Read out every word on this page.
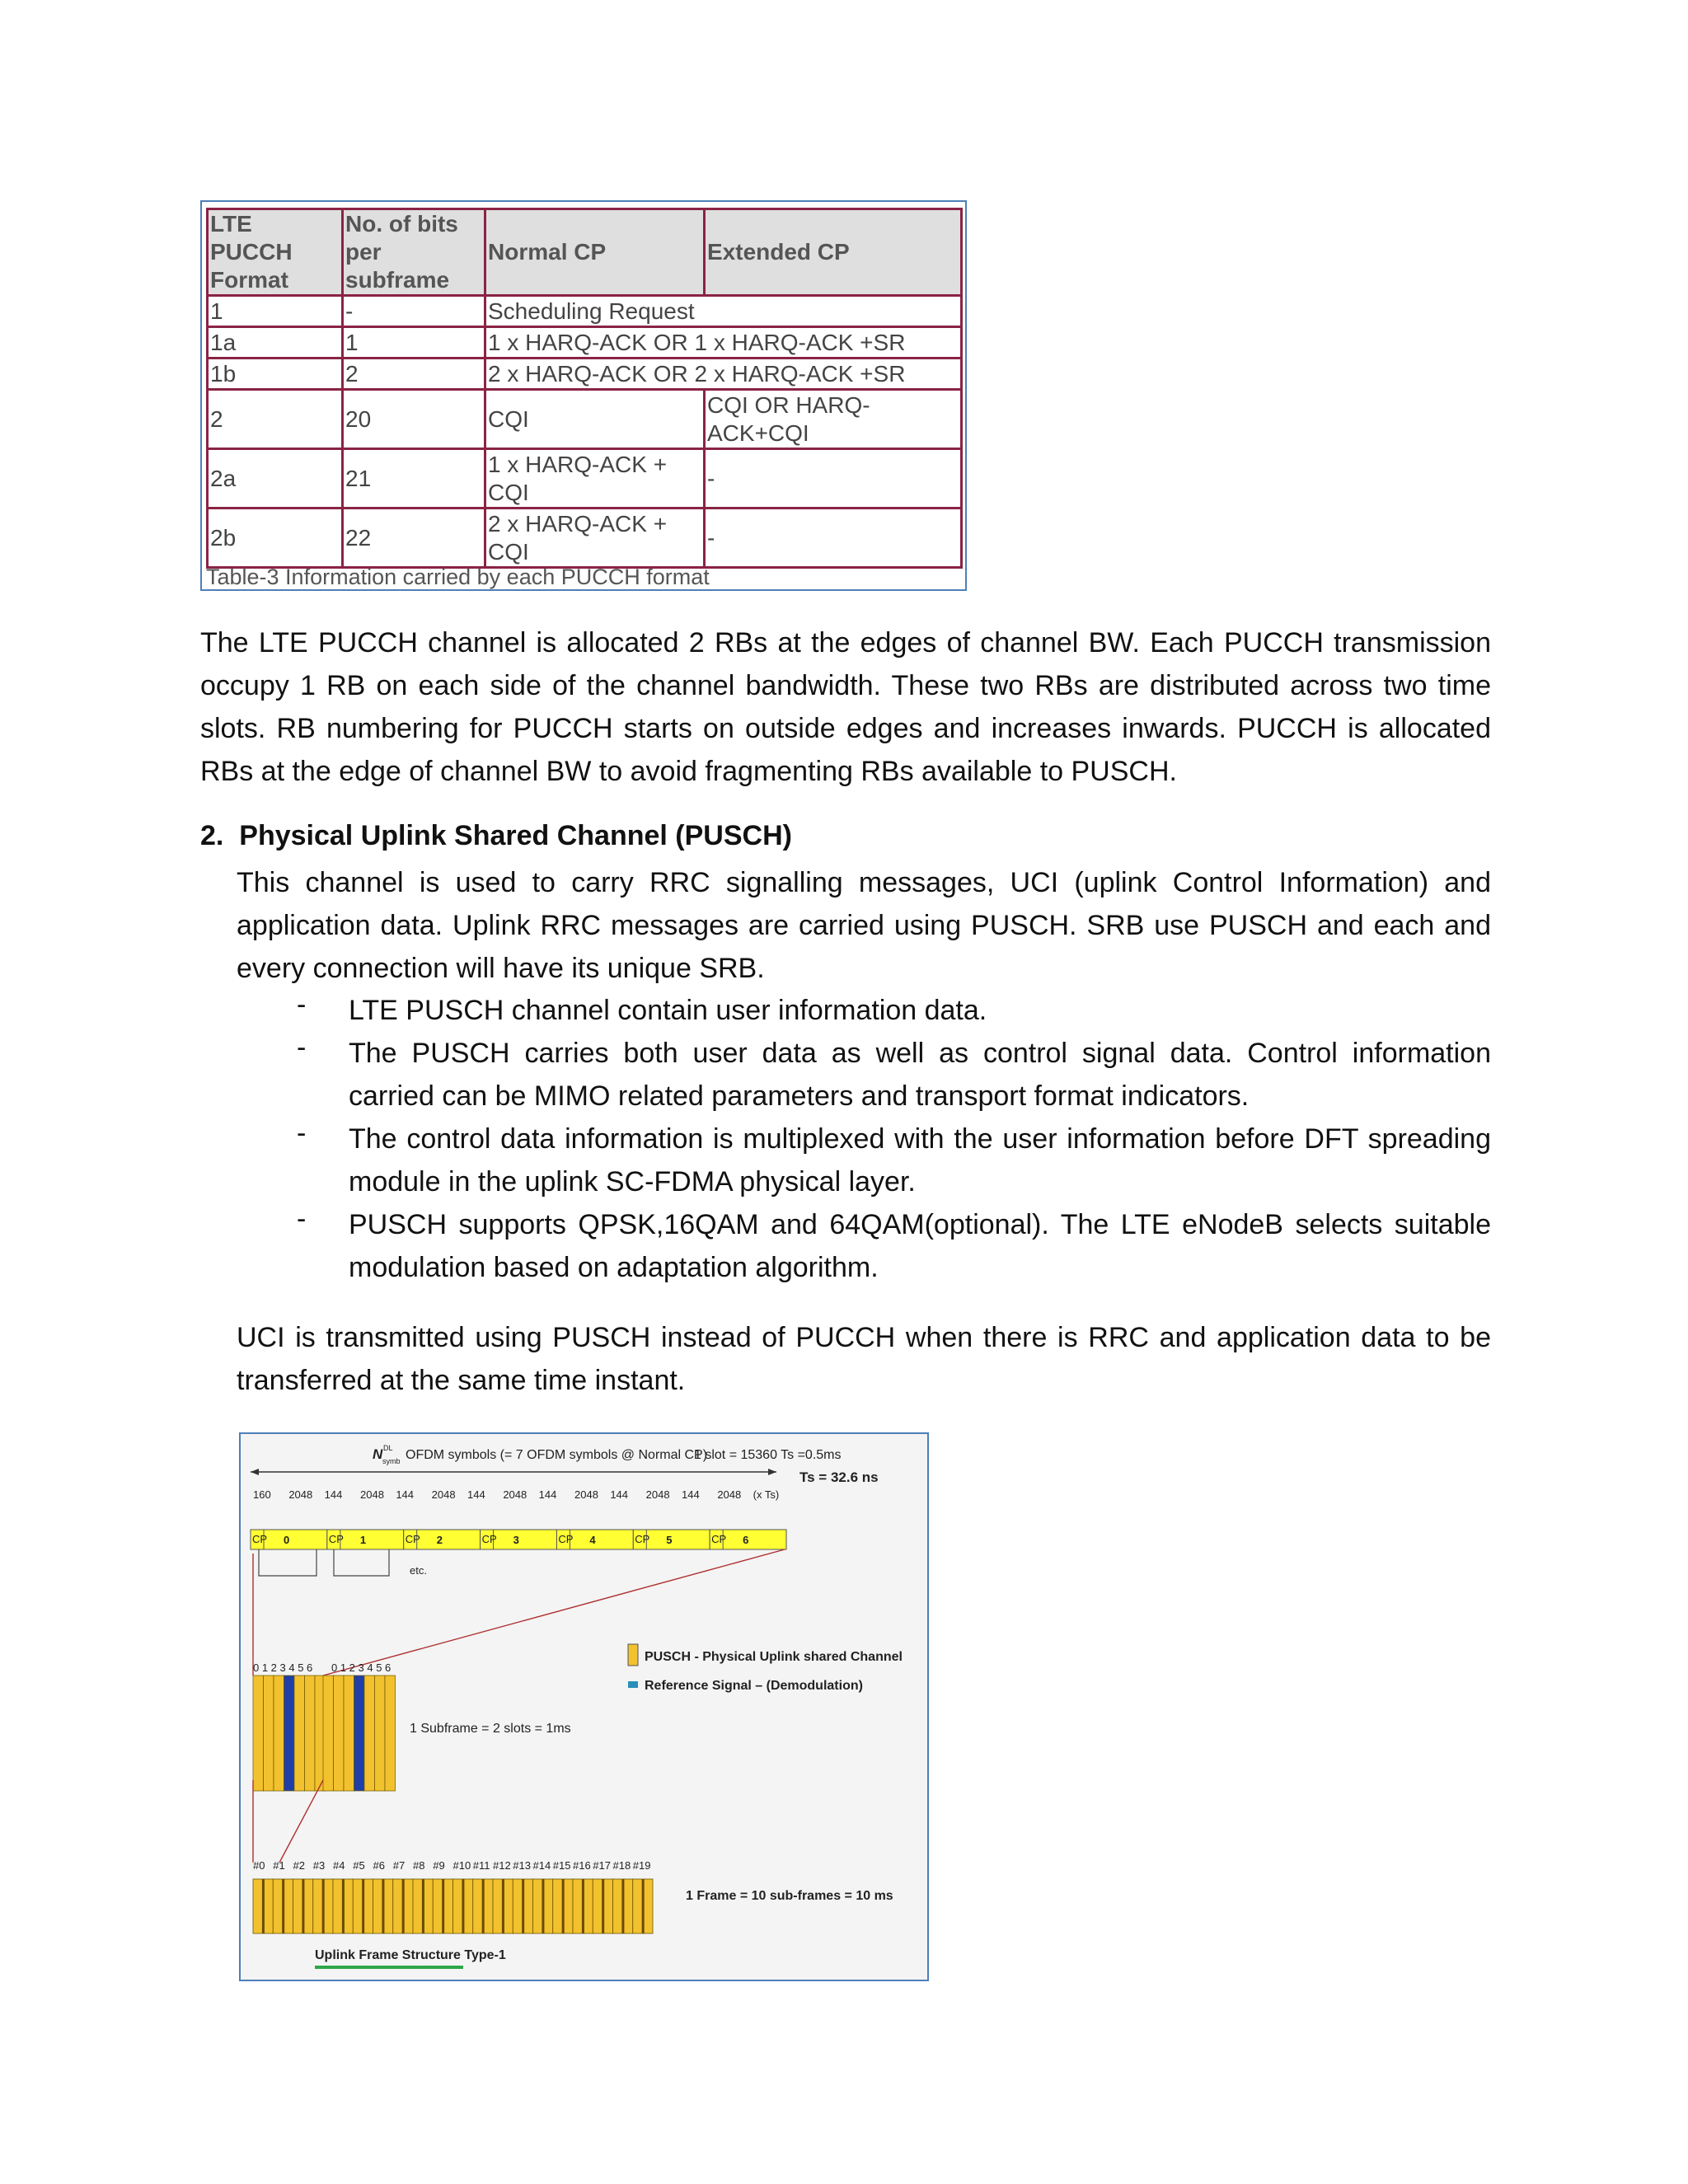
LTE PUCCH Format	No. of bits per subframe	Normal CP	Extended CP
1	-	Scheduling Request	
1a	1	1 x HARQ-ACK OR 1 x HARQ-ACK +SR	
1b	2	2 x HARQ-ACK OR 2 x HARQ-ACK +SR	
2	20	CQI	CQI OR HARQ-ACK+CQI
2a	21	1 x HARQ-ACK + CQI	-
2b	22	2 x HARQ-ACK + CQI	-
Table-3 Information carried by each PUCCH format
The LTE PUCCH channel is allocated 2 RBs at the edges of channel BW. Each PUCCH transmission occupy 1 RB on each side of the channel bandwidth. These two RBs are distributed across two time slots. RB numbering for PUCCH starts on outside edges and increases inwards. PUCCH is allocated RBs at the edge of channel BW to avoid fragmenting RBs available to PUSCH.
2. Physical Uplink Shared Channel (PUSCH)
This channel is used to carry RRC signalling messages, UCI (uplink Control Information) and application data. Uplink RRC messages are carried using PUSCH. SRB use PUSCH and each and every connection will have its unique SRB.
- LTE PUSCH channel contain user information data.
- The PUSCH carries both user data as well as control signal data. Control information carried can be MIMO related parameters and transport format indicators.
- The control data information is multiplexed with the user information before DFT spreading module in the uplink SC-FDMA physical layer.
- PUSCH supports QPSK,16QAM and 64QAM(optional). The LTE eNodeB selects suitable modulation based on adaptation algorithm.
UCI is transmitted using PUSCH instead of PUCCH when there is RRC and application data to be transferred at the same time instant.
N DL
symb OFDM symbols (= 7 OFDM symbols @ Normal CP)
1 slot = 15360 Ts =0.5ms
Ts = 32.6 ns
160 2048 144 2048 144 2048 144 2048 144 2048 144 2048 144 2048 (x Ts)
CP 0	CP 1	CP 2	CP 3	CP 4	CP 5	CP 6
etc.
0 1 2 3 4 5 6 0 1 2 3 4 5 6
1 Subframe = 2 slots = 1ms
PUSCH - Physical Uplink shared Channel
Reference Signal – (Demodulation)
#0 #1 #2 #3 #4 #5 #6 #7 #8 #9 #10 #11 #12 #13 #14 #15 #16 #17 #18 #19
1 Frame = 10 sub-frames = 10 ms
Uplink Frame Structure Type-1
